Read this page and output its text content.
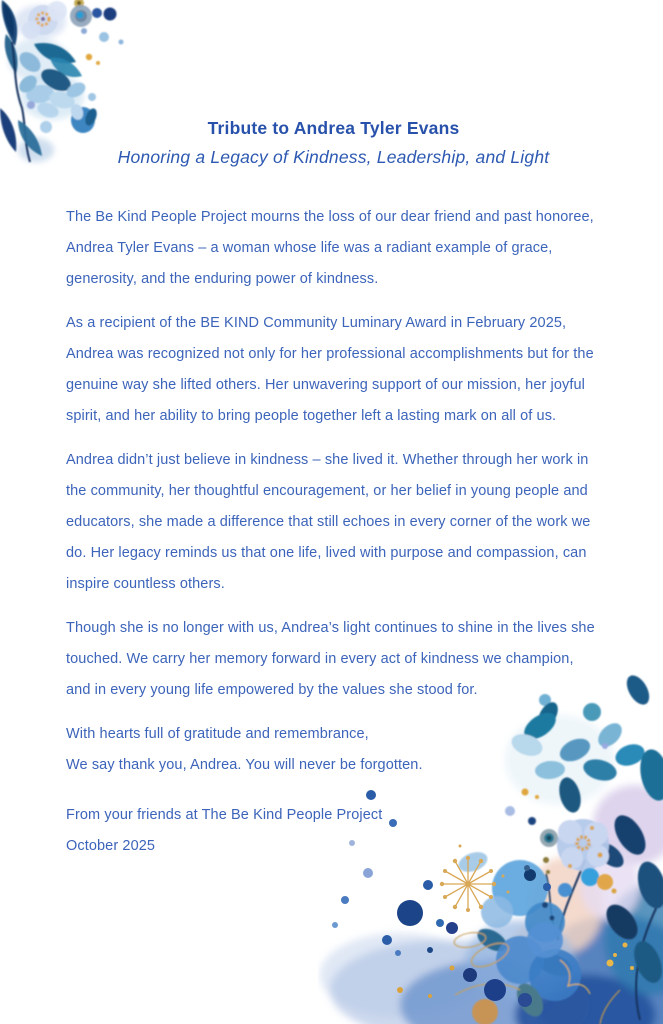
Tribute to Andrea Tyler Evans
Honoring a Legacy of Kindness, Leadership, and Light

The Be Kind People Project mourns the loss of our dear friend and past honoree, Andrea Tyler Evans – a woman whose life was a radiant example of grace, generosity, and the enduring power of kindness.

As a recipient of the BE KIND Community Luminary Award in February 2025, Andrea was recognized not only for her professional accomplishments but for the genuine way she lifted others. Her unwavering support of our mission, her joyful spirit, and her ability to bring people together left a lasting mark on all of us.

Andrea didn’t just believe in kindness – she lived it. Whether through her work in the community, her thoughtful encouragement, or her belief in young people and educators, she made a difference that still echoes in every corner of the work we do. Her legacy reminds us that one life, lived with purpose and compassion, can inspire countless others.

Though she is no longer with us, Andrea’s light continues to shine in the lives she touched. We carry her memory forward in every act of kindness we champion, and in every young life empowered by the values she stood for.

With hearts full of gratitude and remembrance,
We say thank you, Andrea. You will never be forgotten.
From your friends at The Be Kind People Project
October 2025
